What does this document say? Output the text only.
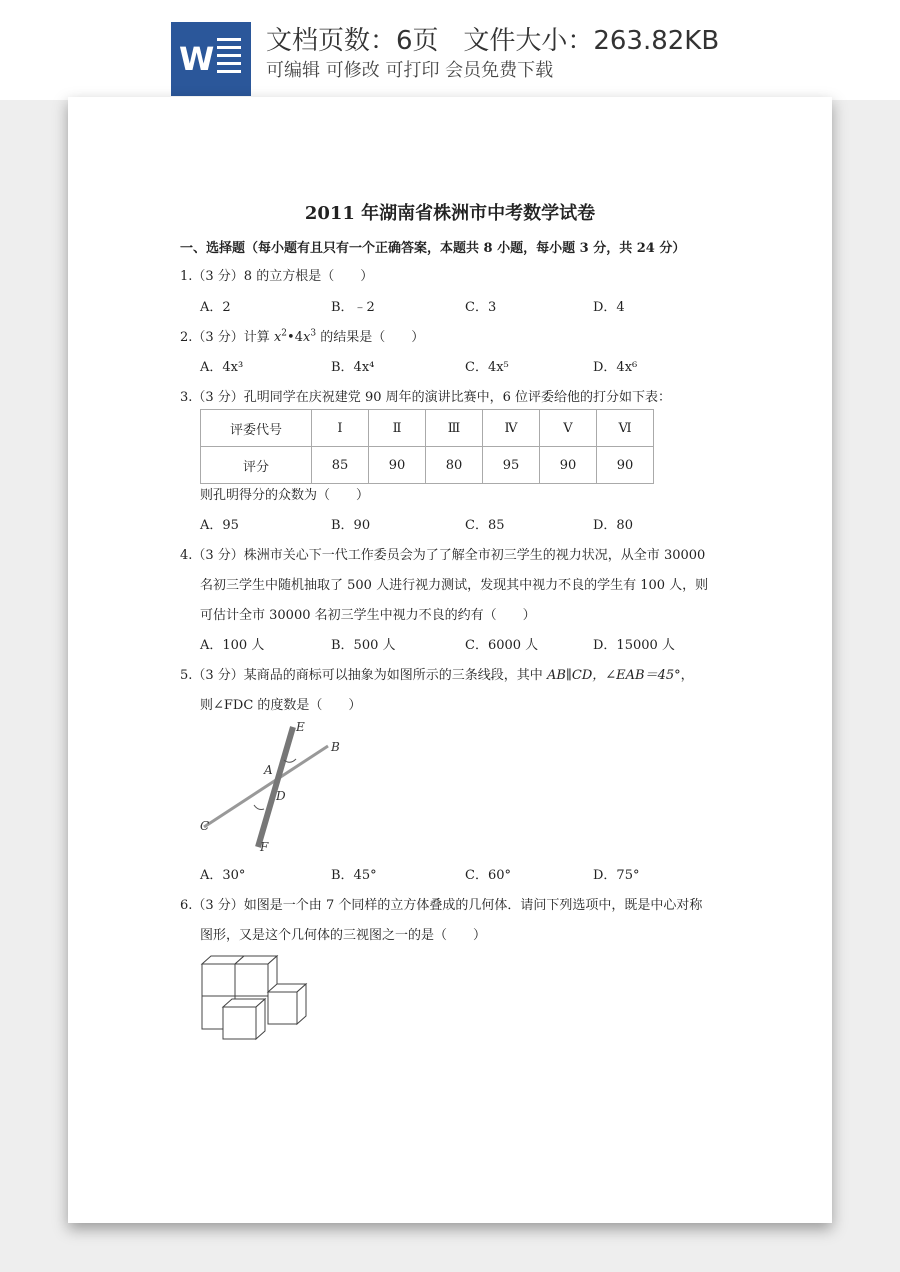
W 文档页数：6页   文件大小：263.82KB
可编辑 可修改 可打印 会员免费下载
2011 年湖南省株洲市中考数学试卷
一、选择题（每小题有且只有一个正确答案，本题共 8 小题，每小题 3 分，共 24 分）
1.（3 分）8 的立方根是（　　）
A．2	B．﹣2	C．3	D．4
2.（3 分）计算 $x^2•4x^3$ 的结果是（　　）
A．4x³	B．4x⁴	C．4x⁵	D．4x⁶
3.（3 分）孔明同学在庆祝建党 90 周年的演讲比赛中，6 位评委给他的打分如下表：
评委代号	Ⅰ	Ⅱ	Ⅲ	Ⅳ	Ⅴ	Ⅵ
评分	85	90	80	95	90	90
则孔明得分的众数为（　　）
A．95	B．90	C．85	D．80
4.（3 分）株洲市关心下一代工作委员会为了了解全市初三学生的视力状况，从全市 30000
名初三学生中随机抽取了 500 人进行视力测试，发现其中视力不良的学生有 100 人，则
可估计全市 30000 名初三学生中视力不良的约有（　　）
A．100 人	B．500 人	C．6000 人	D．15000 人
5.（3 分）某商品的商标可以抽象为如图所示的三条线段，其中 AB∥CD，∠EAB＝45°，
则∠FDC 的度数是（　　）
E
B
A
D
C
F
A．30°	B．45°	C．60°	D．75°
6.（3 分）如图是一个由 7 个同样的立方体叠成的几何体．请问下列选项中，既是中心对称
图形，又是这个几何体的三视图之一的是（　　）
